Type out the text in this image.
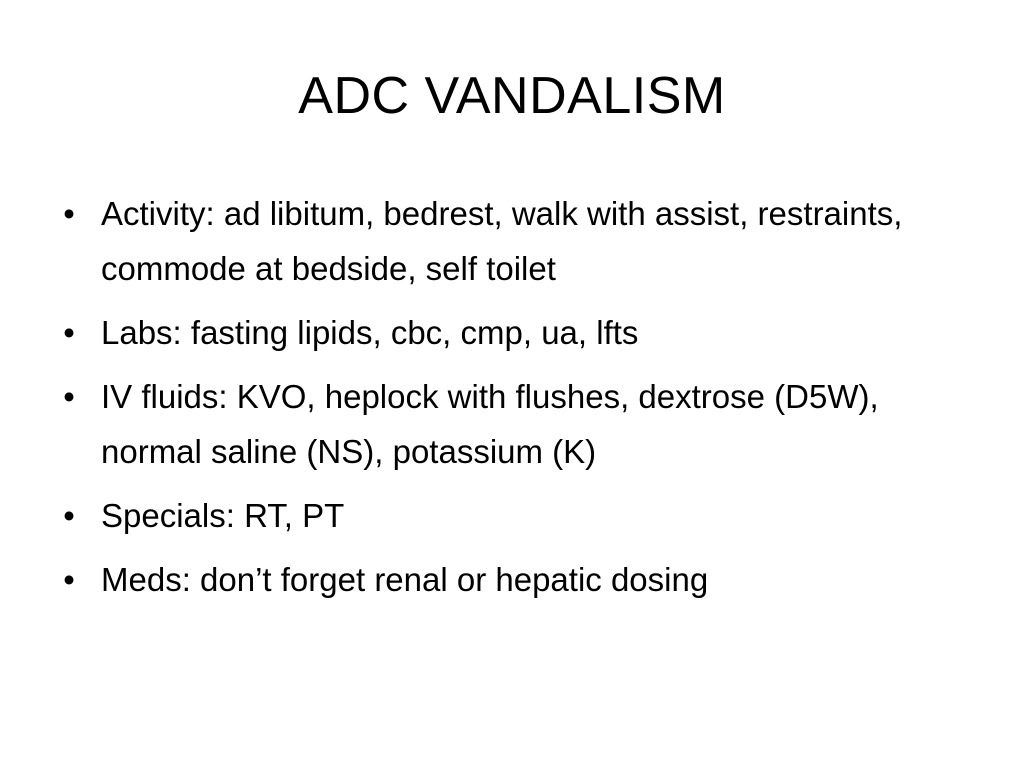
ADC VANDALISM
• Activity: ad libitum, bedrest, walk with assist, restraints, commode at bedside, self toilet
• Labs: fasting lipids, cbc, cmp, ua, lfts
• IV fluids: KVO, heplock with flushes, dextrose (D5W), normal saline (NS), potassium (K)
• Specials: RT, PT
• Meds: don’t forget renal or hepatic dosing
